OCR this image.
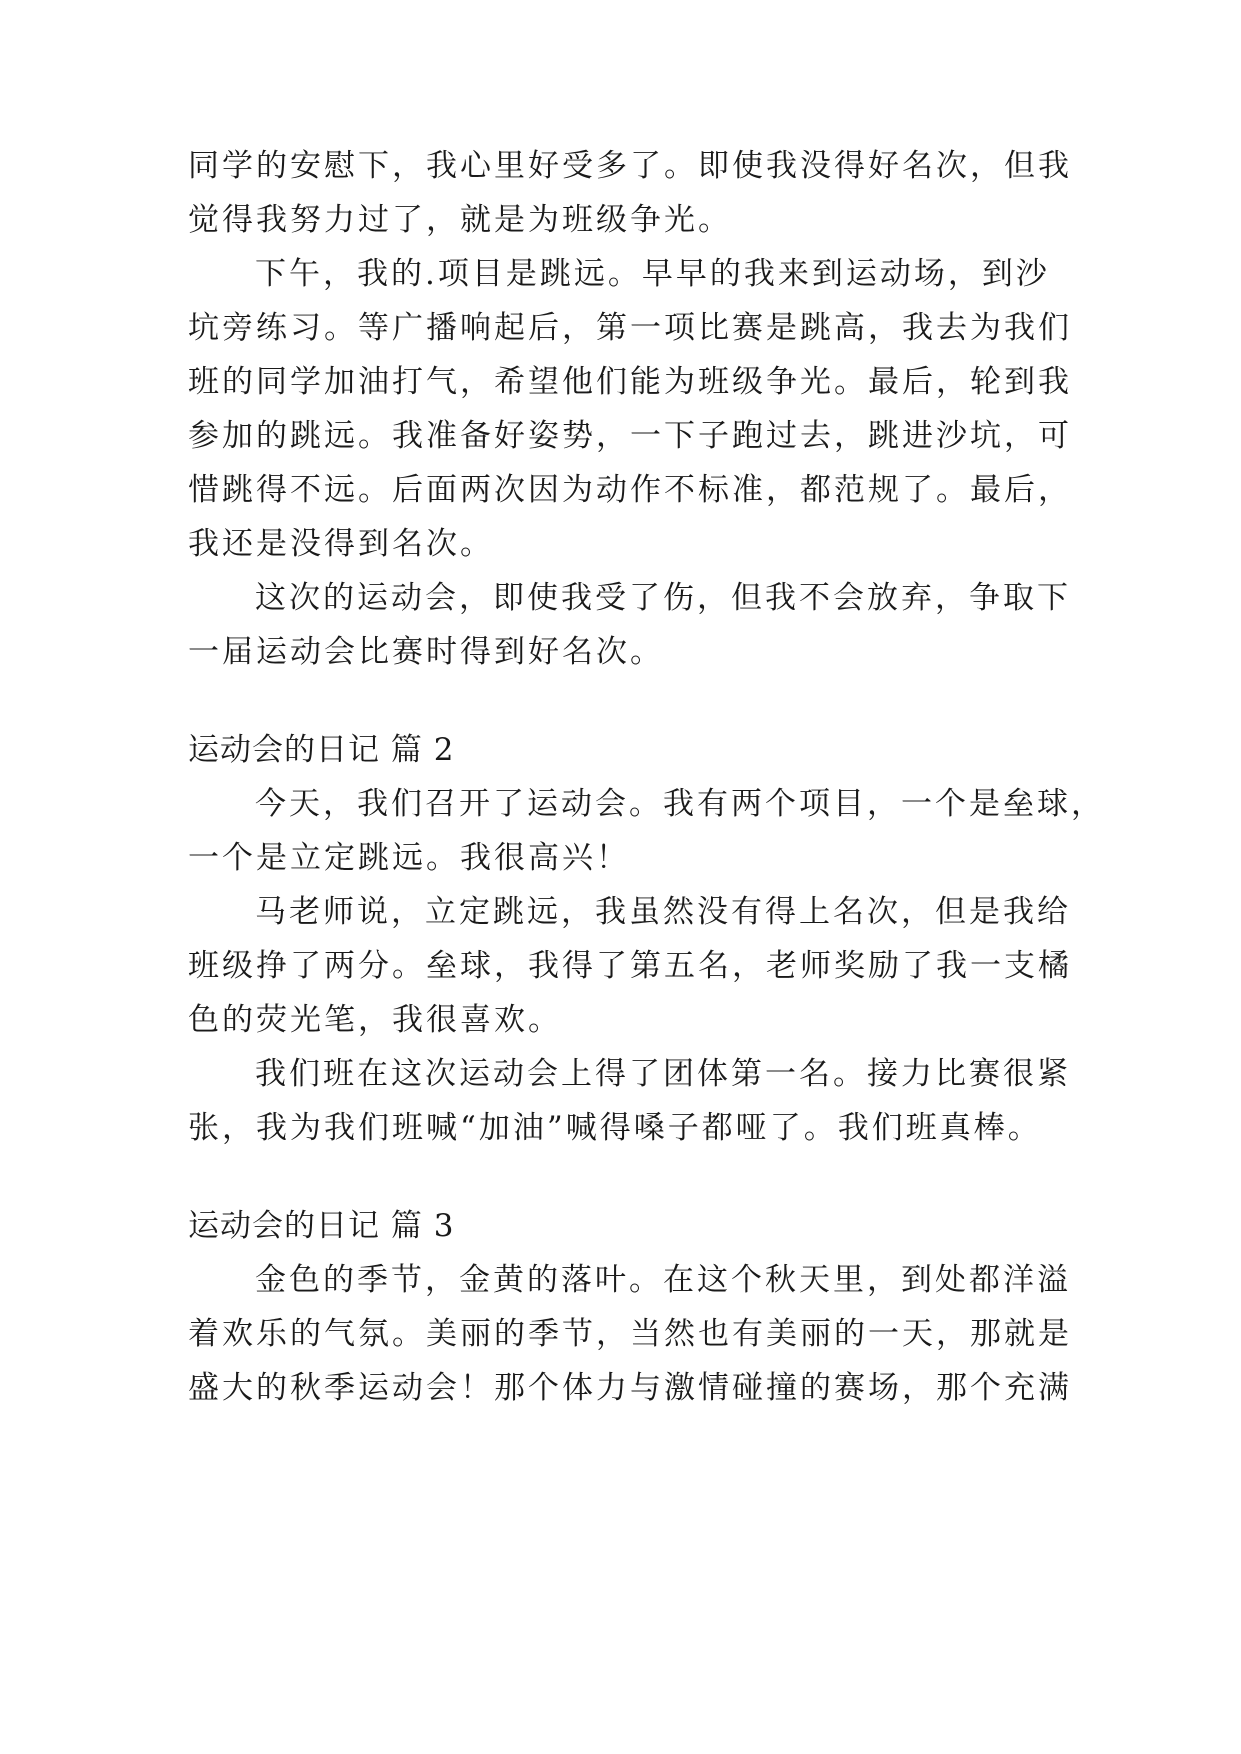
同学的安慰下，我心里好受多了。即使我没得好名次，但我
觉得我努力过了，就是为班级争光。
下午，我的.项目是跳远。早早的我来到运动场，到沙
坑旁练习。等广播响起后，第一项比赛是跳高，我去为我们
班的同学加油打气，希望他们能为班级争光。最后，轮到我
参加的跳远。我准备好姿势，一下子跑过去，跳进沙坑，可
惜跳得不远。后面两次因为动作不标准，都范规了。最后，
我还是没得到名次。
这次的运动会，即使我受了伤，但我不会放弃，争取下
一届运动会比赛时得到好名次。
运动会的日记 篇 2
今天，我们召开了运动会。我有两个项目，一个是垒球，
一个是立定跳远。我很高兴！
马老师说，立定跳远，我虽然没有得上名次，但是我给
班级挣了两分。垒球，我得了第五名，老师奖励了我一支橘
色的荧光笔，我很喜欢。
我们班在这次运动会上得了团体第一名。接力比赛很紧
张，我为我们班喊“加油”喊得嗓子都哑了。我们班真棒。
运动会的日记 篇 3
金色的季节，金黄的落叶。在这个秋天里，到处都洋溢
着欢乐的气氛。美丽的季节，当然也有美丽的一天，那就是
盛大的秋季运动会！那个体力与激情碰撞的赛场，那个充满
